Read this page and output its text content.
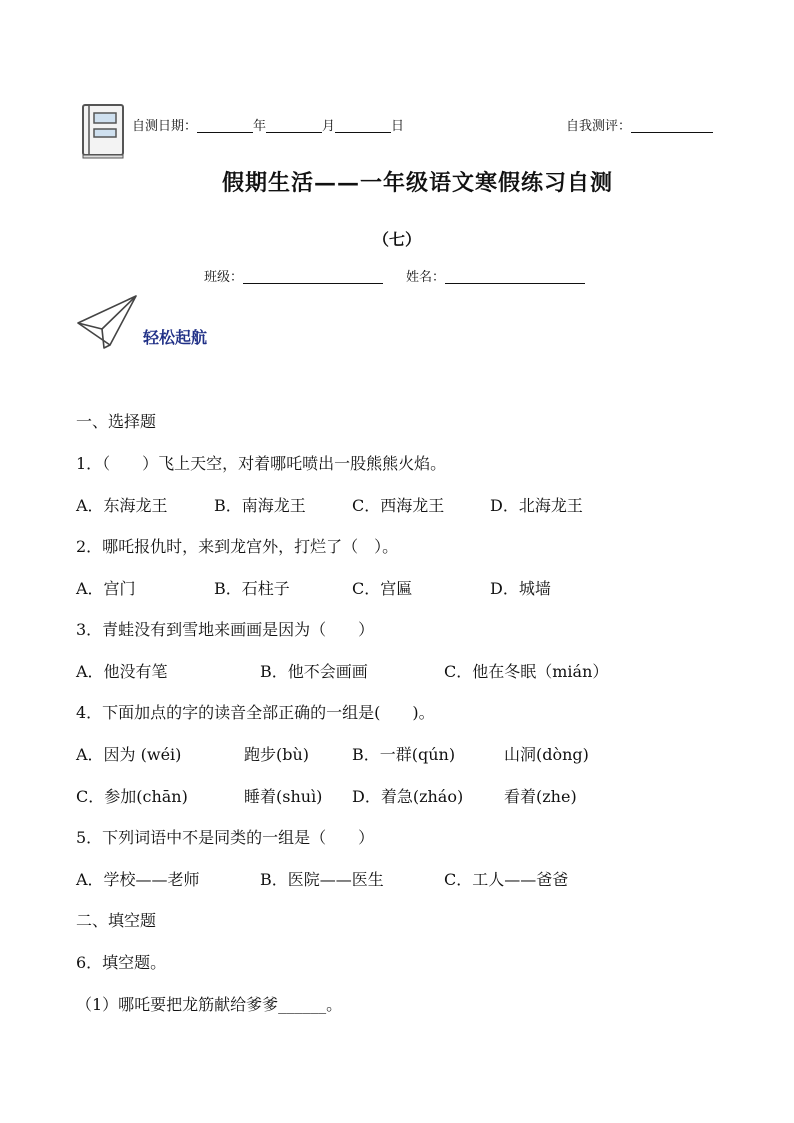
自测日期：	年	月	日	自我测评：
假期生活——一年级语文寒假练习自测
（七）
班级：	姓名：
轻松起航
一、选择题
1．（　　）飞上天空，对着哪吒喷出一股熊熊火焰。
A．东海龙王	B．南海龙王	C．西海龙王	D．北海龙王
2．哪吒报仇时，来到龙宫外，打烂了（　）。
A．宫门	B．石柱子	C．宫匾	D．城墙
3．青蛙没有到雪地来画画是因为（　　）
A．他没有笔	B．他不会画画	C．他在冬眠（mián）
4．下面加点的字的读音全部正确的一组是(　　)。
A．因为 (wéi)	跑步(bù)	B．一群(qún)	山洞(dòng)
C．参加(chān)	睡着(shuì) D．着急(zháo)	看着(zhe)
5．下列词语中不是同类的一组是（　　）
A．学校——老师	B．医院——医生	C．工人——爸爸
二、填空题
6．填空题。
（1）哪吒要把龙筋献给爹爹______。
